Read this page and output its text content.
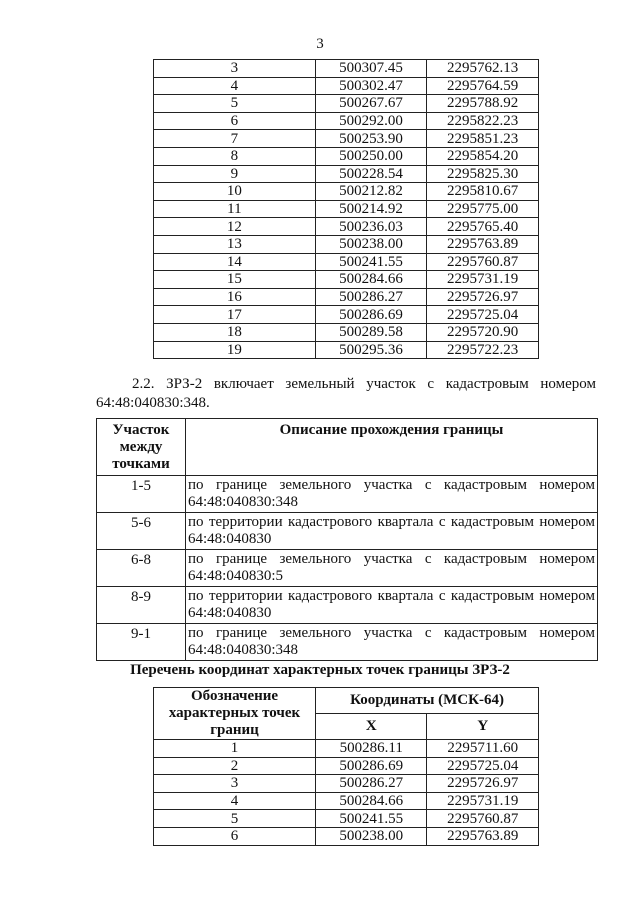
3
3	500307.45	2295762.13
4	500302.47	2295764.59
5	500267.67	2295788.92
6	500292.00	2295822.23
7	500253.90	2295851.23
8	500250.00	2295854.20
9	500228.54	2295825.30
10	500212.82	2295810.67
11	500214.92	2295775.00
12	500236.03	2295765.40
13	500238.00	2295763.89
14	500241.55	2295760.87
15	500284.66	2295731.19
16	500286.27	2295726.97
17	500286.69	2295725.04
18	500289.58	2295720.90
19	500295.36	2295722.23
2.2. ЗРЗ-2 включает земельный участок с кадастровым номером 64:48:040830:348.
Участок между точками	Описание прохождения границы
1-5	по границе земельного участка с кадастровым номером 64:48:040830:348
5-6	по территории кадастрового квартала с кадастровым номером 64:48:040830
6-8	по границе земельного участка с кадастровым номером 64:48:040830:5
8-9	по территории кадастрового квартала с кадастровым номером 64:48:040830
9-1	по границе земельного участка с кадастровым номером 64:48:040830:348
Перечень координат характерных точек границы ЗРЗ-2
Обозначение характерных точек границ	Координаты (МСК-64)	
	X	Y
1	500286.11	2295711.60
2	500286.69	2295725.04
3	500286.27	2295726.97
4	500284.66	2295731.19
5	500241.55	2295760.87
6	500238.00	2295763.89
